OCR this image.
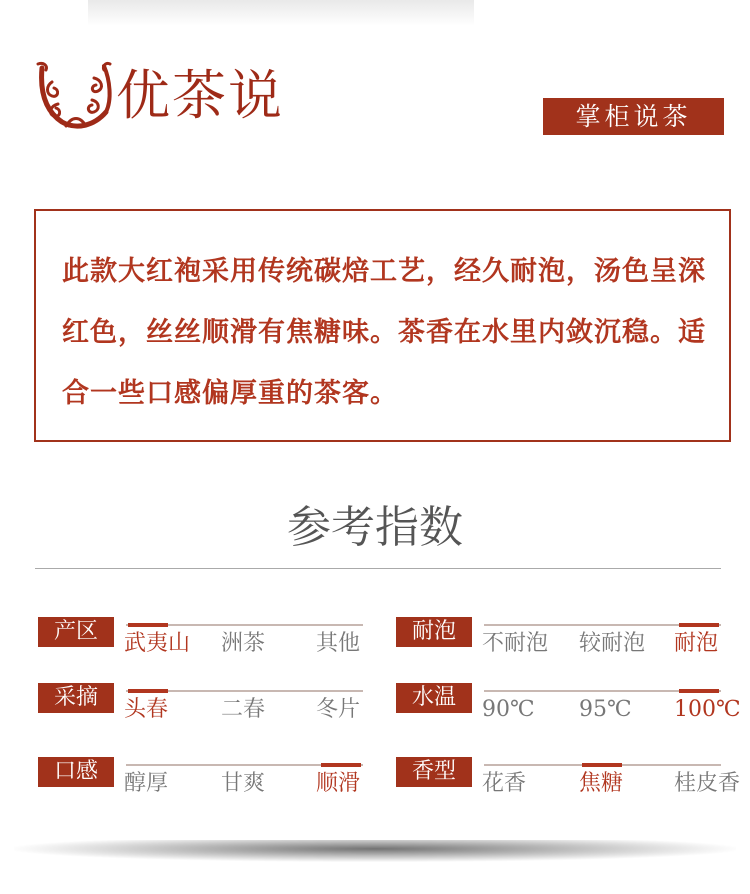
优茶说	掌柜说茶

此款大红袍采用传统碳焙工艺，经久耐泡，汤色呈深红色，丝丝顺滑有焦糖味。茶香在水里内敛沉稳。适合一些口感偏厚重的茶客。

参考指数
产区	武夷山 洲茶 其他	耐泡	不耐泡 较耐泡 耐泡
采摘	头春 二春 冬片	水温	90℃ 95℃ 100℃
口感	醇厚 甘爽 顺滑	香型	花香 焦糖 桂皮香
